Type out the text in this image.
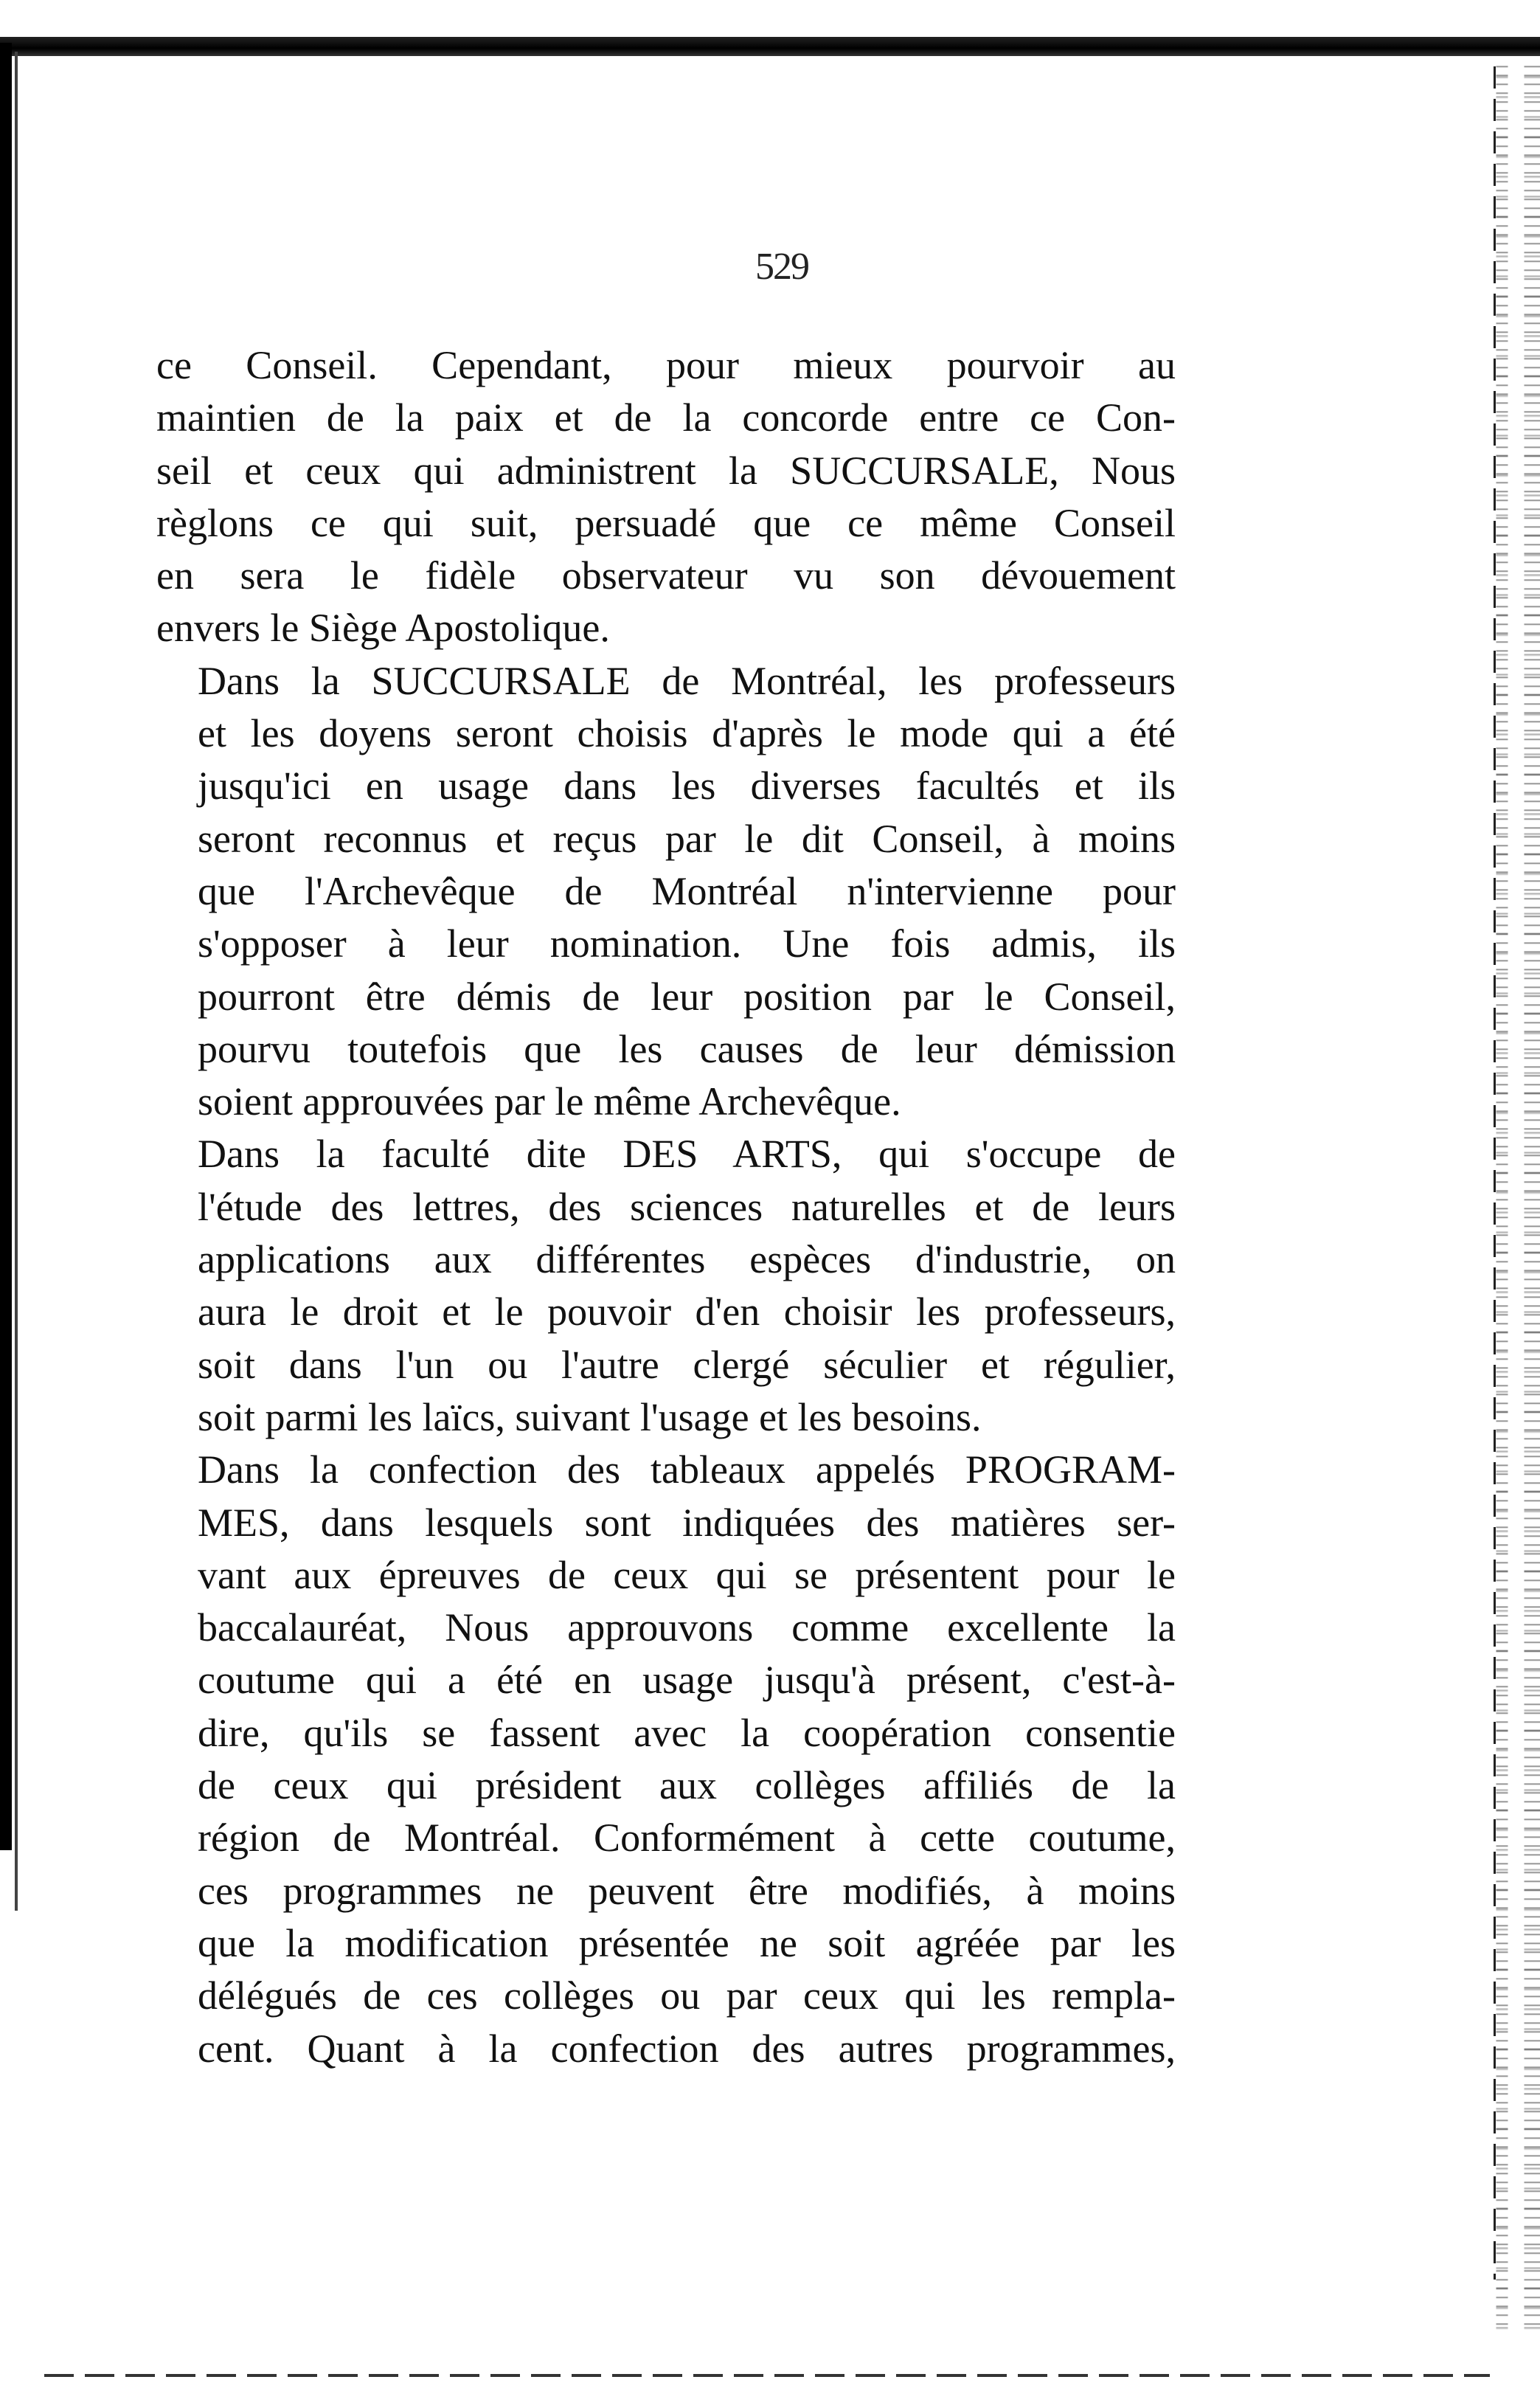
529
ce Conseil. Cependant, pour mieux pourvoir au
maintien de la paix et de la concorde entre ce Con-
seil et ceux qui administrent la SUCCURSALE, Nous
règlons ce qui suit, persuadé que ce même Conseil
en sera le fidèle observateur vu son dévouement
envers le Siège Apostolique.
Dans la SUCCURSALE de Montréal, les professeurs
et les doyens seront choisis d'après le mode qui a été
jusqu'ici en usage dans les diverses facultés et ils
seront reconnus et reçus par le dit Conseil, à moins
que l'Archevêque de Montréal n'intervienne pour
s'opposer à leur nomination. Une fois admis, ils
pourront être démis de leur position par le Conseil,
pourvu toutefois que les causes de leur démission
soient approuvées par le même Archevêque.
Dans la faculté dite DES ARTS, qui s'occupe de
l'étude des lettres, des sciences naturelles et de leurs
applications aux différentes espèces d'industrie, on
aura le droit et le pouvoir d'en choisir les professeurs,
soit dans l'un ou l'autre clergé séculier et régulier,
soit parmi les laïcs, suivant l'usage et les besoins.
Dans la confection des tableaux appelés PROGRAM-
MES, dans lesquels sont indiquées des matières ser-
vant aux épreuves de ceux qui se présentent pour le
baccalauréat, Nous approuvons comme excellente la
coutume qui a été en usage jusqu'à présent, c'est-à-
dire, qu'ils se fassent avec la coopération consentie
de ceux qui président aux collèges affiliés de la
région de Montréal. Conformément à cette coutume,
ces programmes ne peuvent être modifiés, à moins
que la modification présentée ne soit agréée par les
délégués de ces collèges ou par ceux qui les rempla-
cent. Quant à la confection des autres programmes,
